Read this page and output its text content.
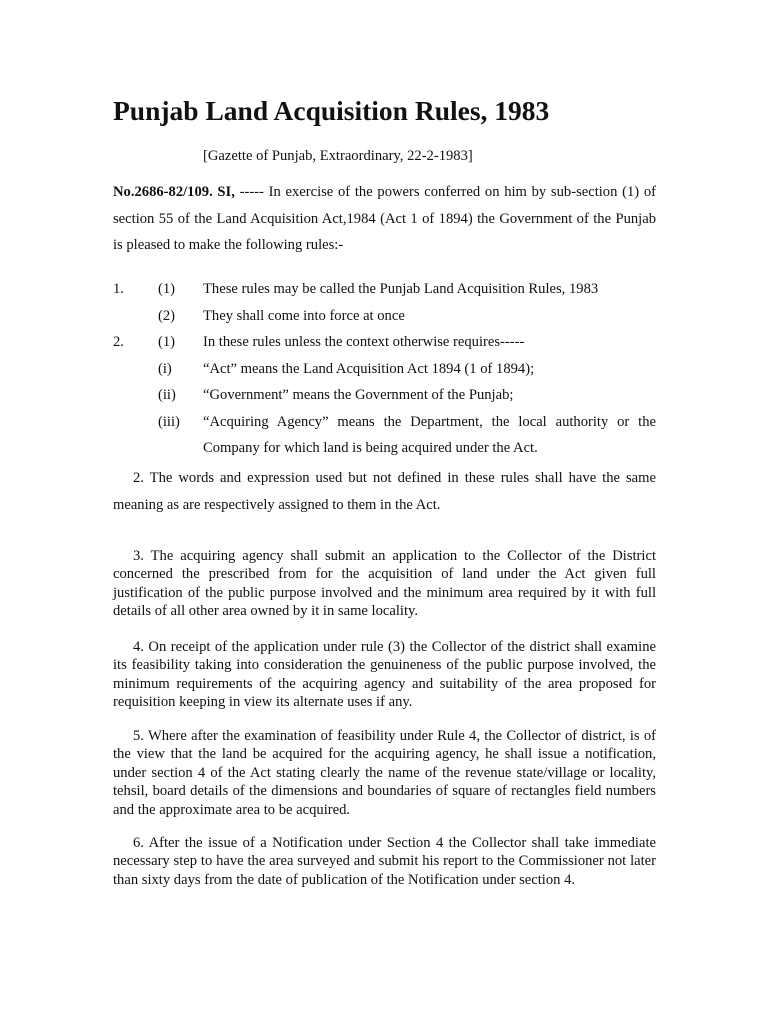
Punjab Land Acquisition Rules, 1983
[Gazette of Punjab, Extraordinary, 22-2-1983]

No.2686-82/109. SI, ----- In exercise of the powers conferred on him by sub-section (1) of section 55 of the Land Acquisition Act,1984 (Act 1 of 1894) the Government of the Punjab is pleased to make the following rules:-

1. (1) These rules may be called the Punjab Land Acquisition Rules, 1983
(2) They shall come into force at once
2. (1) In these rules unless the context otherwise requires-----
(i) “Act” means the Land Acquisition Act 1894 (1 of 1894);
(ii) “Government” means the Government of the Punjab;
(iii) “Acquiring Agency” means the Department, the local authority or the Company for which land is being acquired under the Act.

2. The words and expression used but not defined in these rules shall have the same meaning as are respectively assigned to them in the Act.

3. The acquiring agency shall submit an application to the Collector of the District concerned the prescribed from for the acquisition of land under the Act given full justification of the public purpose involved and the minimum area required by it with full details of all other area owned by it in same locality.

4. On receipt of the application under rule (3) the Collector of the district shall examine its feasibility taking into consideration the genuineness of the public purpose involved, the minimum requirements of the acquiring agency and suitability of the area proposed for requisition keeping in view its alternate uses if any.

5. Where after the examination of feasibility under Rule 4, the Collector of district, is of the view that the land be acquired for the acquiring agency, he shall issue a notification, under section 4 of the Act stating clearly the name of the revenue state/village or locality, tehsil, board details of the dimensions and boundaries of square of rectangles field numbers and the approximate area to be acquired.

6. After the issue of a Notification under Section 4 the Collector shall take immediate necessary step to have the area surveyed and submit his report to the Commissioner not later than sixty days from the date of publication of the Notification under section 4.
